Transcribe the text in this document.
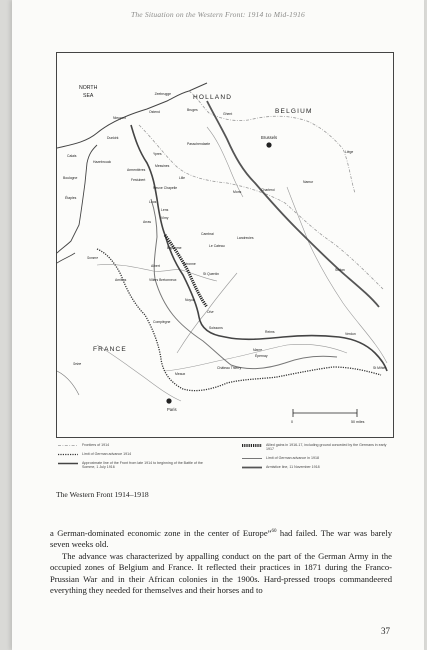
The Situation on the Western Front: 1914 to Mid-1916
HOLLAND
BELGIUM
FRANCE
NORTH
SEA	Zeebrugge
Bruges
Ostend
Nieuport
Dunkirk
Ghent
Calais
Passchendaele
Ypres
Hazebrouck
Messines
Lille
Boulogne
Armentières
Festubert
Neuve Chapelle
Loos
Lens
Vimy
Étaples
Arras
Mons
Brussels
Liège
Namur
Charleroi
Cambrai
Le Cateau
Landrecies
Bapaume
Péronne
St Quentin
Albert
Amiens	Villers Bretonneux
Noyon
Compiègne
Soissons
Reims
Épernay
Château Thierry
Meaux
Paris
Verdun
Sedan
St Mihiel
Somme
Marne
Seine
Oise
0	50 miles
Frontiers of 1914
Limit of German advance 1914
Approximate line of the Front from late 1914 to beginning of the Battle of the Somme, 1 July 1916
Allied gains in 1916-17, including ground conceded by the Germans in early 1917
Limit of German advance in 1918
Armistice line, 11 November 1918
The Western Front 1914–1918

a German-dominated economic zone in the center of Europe”$^{60}$ had failed. The war was barely seven weeks old.

The advance was characterized by appalling conduct on the part of the German Army in the occupied zones of Belgium and France. It reflected their practices in 1871 during the Franco-Prussian War and in their African colonies in the 1900s. Hard-pressed troops commandeered everything they needed for themselves and their horses and to

37
